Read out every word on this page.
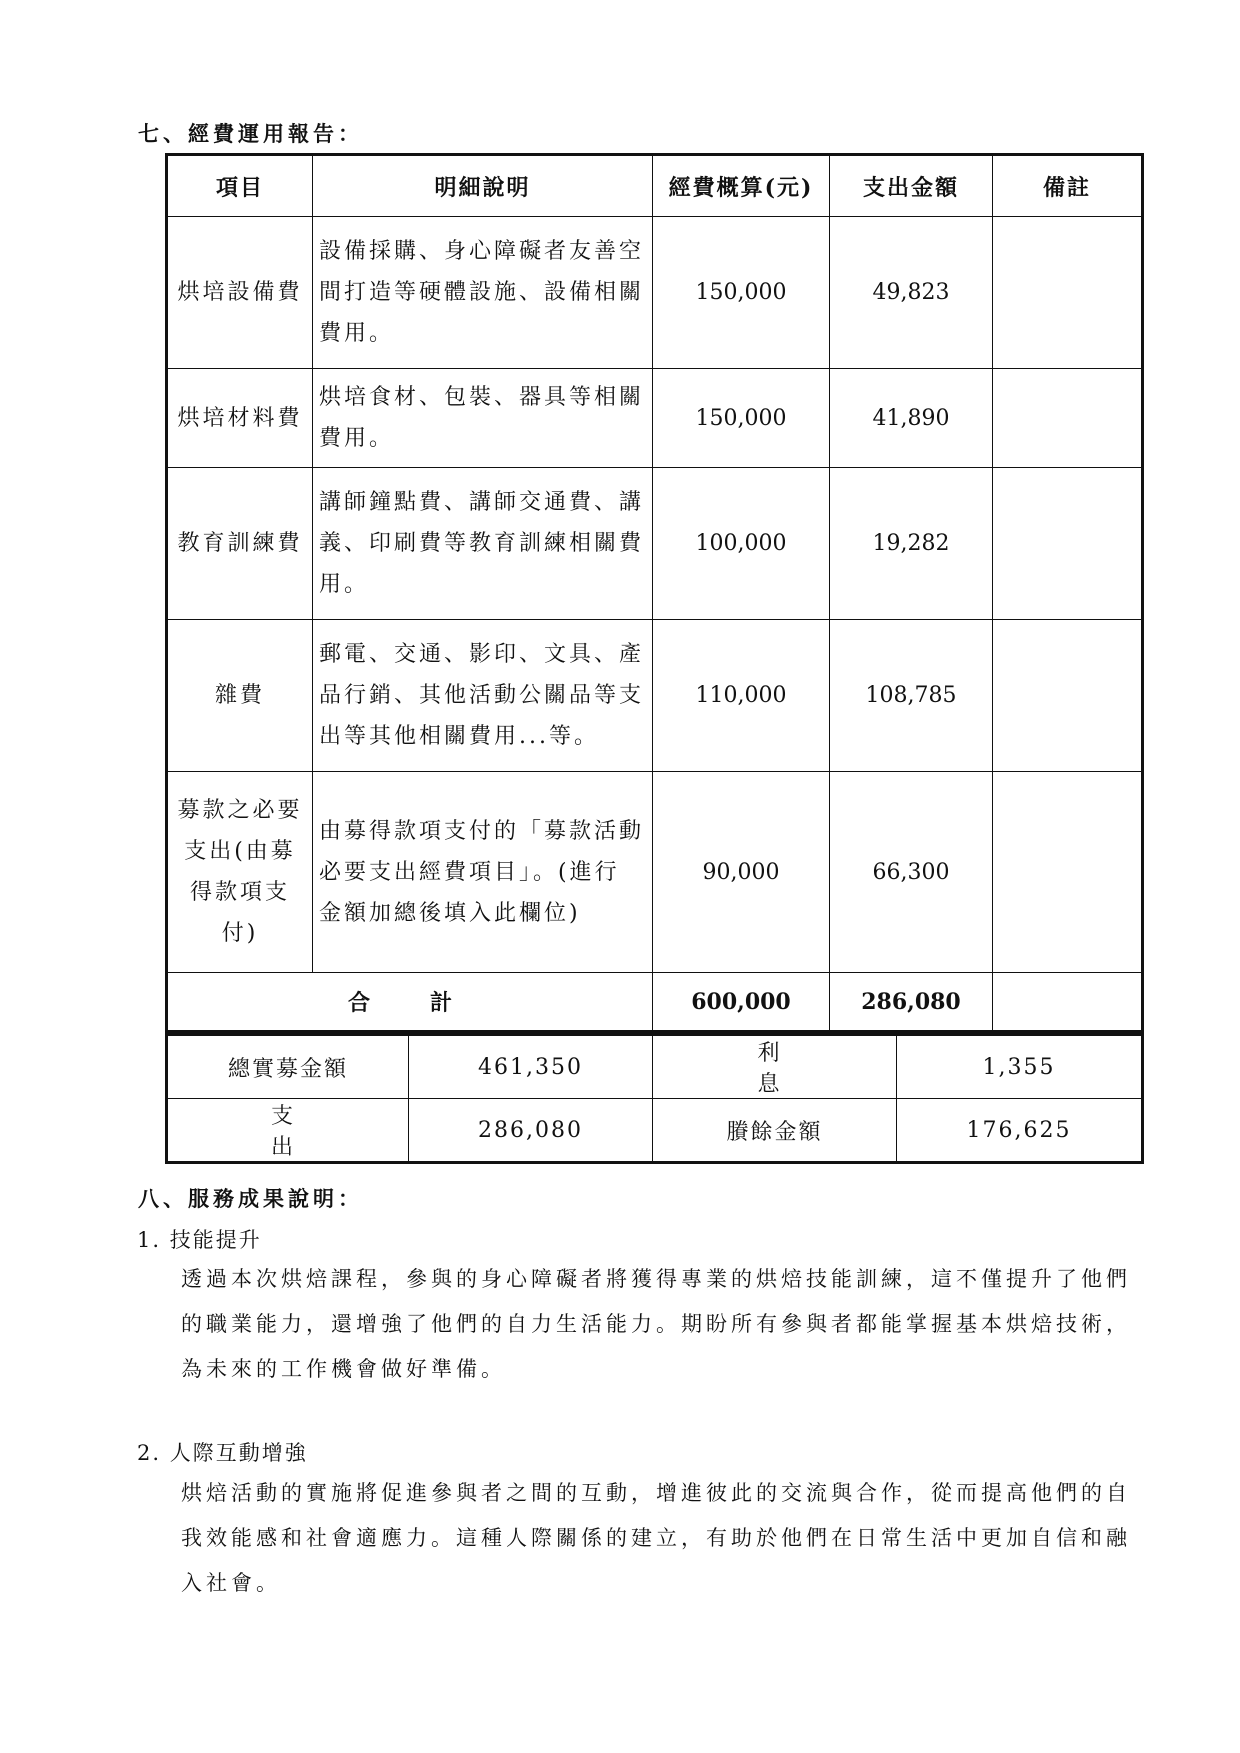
七、經費運用報告：
項目	明細說明	經費概算(元)	支出金額	備註
烘培設備費	設備採購、身心障礙者友善空間打造等硬體設施、設備相關費用。	150,000	49,823	
烘培材料費	烘培食材、包裝、器具等相關費用。	150,000	41,890	
教育訓練費	講師鐘點費、講師交通費、講義、印刷費等教育訓練相關費用。	100,000	19,282	
雜費	郵電、交通、影印、文具、產品行銷、其他活動公關品等支出等其他相關費用...等。	110,000	108,785	
募款之必要支出(由募得款項支付)	由募得款項支付的「募款活動必要支出經費項目」。(進行金額加總後填入此欄位)	90,000	66,300	
合計		600,000	286,080	
總實募金額	461,350	利息	1,355
支出	286,080	賸餘金額	176,625
八、服務成果說明：
1. 技能提升
透過本次烘焙課程，參與的身心障礙者將獲得專業的烘焙技能訓練，這不僅提升了他們的職業能力，還增強了他們的自力生活能力。期盼所有參與者都能掌握基本烘焙技術，為未來的工作機會做好準備。
2. 人際互動增強
烘焙活動的實施將促進參與者之間的互動，增進彼此的交流與合作，從而提高他們的自我效能感和社會適應力。這種人際關係的建立，有助於他們在日常生活中更加自信和融入社會。
